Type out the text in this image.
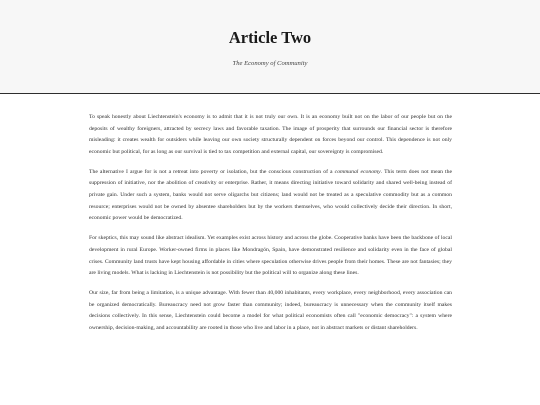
Article Two
The Economy of Community

To speak honestly about Liechtenstein's economy is to admit that it is not truly our own. It is an economy built not on the labor of our people but on the deposits of wealthy foreigners, attracted by secrecy laws and favorable taxation. The image of prosperity that surrounds our financial sector is therefore misleading: it creates wealth for outsiders while leaving our own society structurally dependent on forces beyond our control. This dependence is not only economic but political, for as long as our survival is tied to tax competition and external capital, our sovereignty is compromised.

The alternative I argue for is not a retreat into poverty or isolation, but the conscious construction of a communal economy. This term does not mean the suppression of initiative, nor the abolition of creativity or enterprise. Rather, it means directing initiative toward solidarity and shared well-being instead of private gain. Under such a system, banks would not serve oligarchs but citizens; land would not be treated as a speculative commodity but as a common resource; enterprises would not be owned by absentee shareholders but by the workers themselves, who would collectively decide their direction. In short, economic power would be democratized.

For skeptics, this may sound like abstract idealism. Yet examples exist across history and across the globe. Cooperative banks have been the backbone of local development in rural Europe. Worker-owned firms in places like Mondragón, Spain, have demonstrated resilience and solidarity even in the face of global crises. Community land trusts have kept housing affordable in cities where speculation otherwise drives people from their homes. These are not fantasies; they are living models. What is lacking in Liechtenstein is not possibility but the political will to organize along these lines.

Our size, far from being a limitation, is a unique advantage. With fewer than 40,000 inhabitants, every workplace, every neighborhood, every association can be organized democratically. Bureaucracy need not grow faster than community; indeed, bureaucracy is unnecessary when the community itself makes decisions collectively. In this sense, Liechtenstein could become a model for what political economists often call "economic democracy": a system where ownership, decision-making, and accountability are rooted in those who live and labor in a place, not in abstract markets or distant shareholders.
